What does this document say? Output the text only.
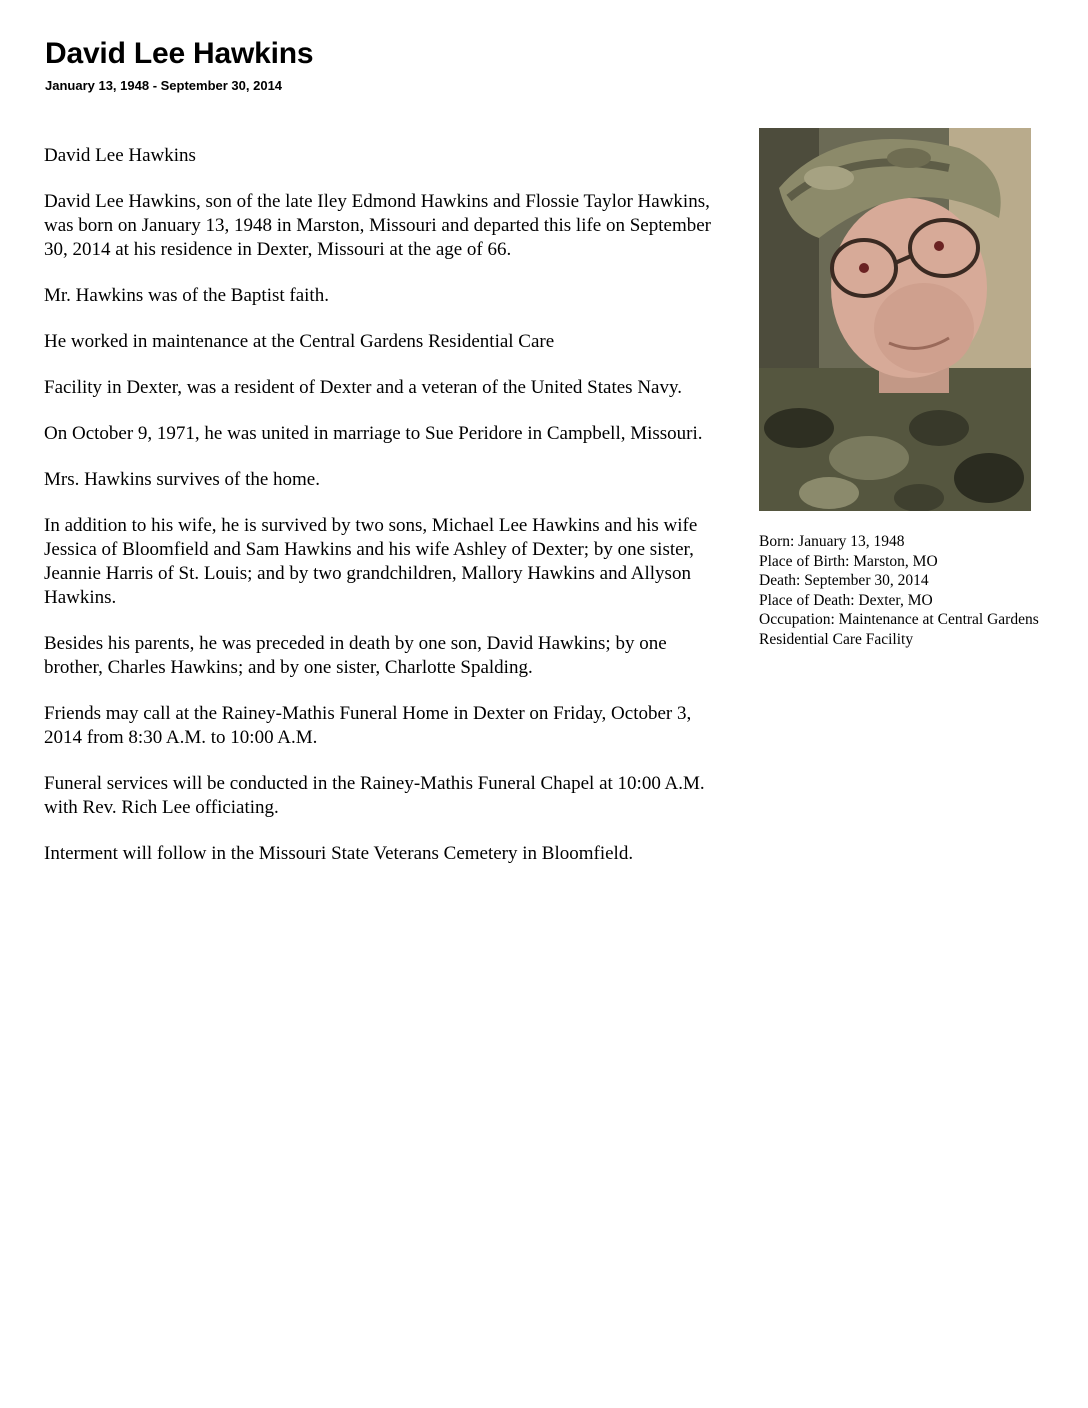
David Lee Hawkins
January 13, 1948 - September 30, 2014

David Lee Hawkins

David Lee Hawkins, son of the late Iley Edmond Hawkins and Flossie Taylor Hawkins, was born on January 13, 1948 in Marston, Missouri and departed this life on September 30, 2014 at his residence in Dexter, Missouri at the age of 66.

Mr. Hawkins was of the Baptist faith.

He worked in maintenance at the Central Gardens Residential Care

Facility in Dexter, was a resident of Dexter and a veteran of the United States Navy.

On October 9, 1971, he was united in marriage to Sue Peridore in Campbell, Missouri.

Mrs. Hawkins survives of the home.

In addition to his wife, he is survived by two sons, Michael Lee Hawkins and his wife Jessica of Bloomfield and Sam Hawkins and his wife Ashley of Dexter; by one sister, Jeannie Harris of St. Louis; and by two grandchildren, Mallory Hawkins and Allyson Hawkins.

Besides his parents, he was preceded in death by one son, David Hawkins; by one brother, Charles Hawkins; and by one sister, Charlotte Spalding.

Friends may call at the Rainey-Mathis Funeral Home in Dexter on Friday, October 3, 2014 from 8:30 A.M. to 10:00 A.M.

Funeral services will be conducted in the Rainey-Mathis Funeral Chapel at 10:00 A.M. with Rev. Rich Lee officiating.

Interment will follow in the Missouri State Veterans Cemetery in Bloomfield.

Born: January 13, 1948
Place of Birth: Marston, MO
Death: September 30, 2014
Place of Death: Dexter, MO
Occupation: Maintenance at Central Gardens Residential Care Facility
